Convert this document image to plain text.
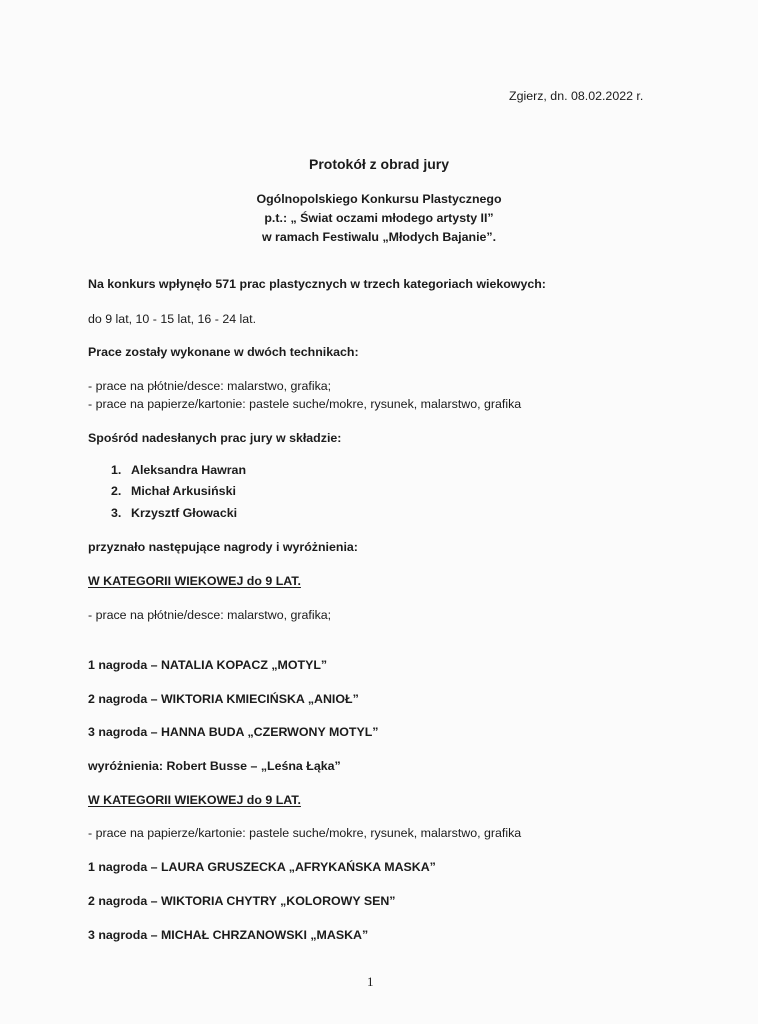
Zgierz, dn. 08.02.2022 r.
Protokół z obrad jury
Ogólnopolskiego Konkursu Plastycznego
p.t.: „ Świat oczami młodego artysty II”
w ramach Festiwalu „Młodych Bajanie”.
Na konkurs wpłynęło 571 prac plastycznych w trzech kategoriach wiekowych:
do 9 lat, 10 - 15 lat, 16 - 24 lat.
Prace zostały wykonane w dwóch technikach:
- prace na płótnie/desce: malarstwo, grafika;
- prace na papierze/kartonie: pastele suche/mokre, rysunek, malarstwo, grafika
Spośród nadesłanych prac jury w składzie:
1. Aleksandra Hawran
2. Michał Arkusiński
3. Krzysztf Głowacki
przyznało następujące nagrody i wyróżnienia:
W KATEGORII WIEKOWEJ do 9 LAT.
- prace na płótnie/desce: malarstwo, grafika;
1 nagroda – NATALIA KOPACZ „MOTYL”
2 nagroda – WIKTORIA KMIECIŃSKA „ANIOŁ”
3 nagroda – HANNA BUDA „CZERWONY MOTYL”
wyróżnienia: Robert Busse – „Leśna Łąka”
W KATEGORII WIEKOWEJ do 9 LAT.
- prace na papierze/kartonie: pastele suche/mokre, rysunek, malarstwo, grafika
1 nagroda – LAURA GRUSZECKA „AFRYKAŃSKA MASKA”
2 nagroda – WIKTORIA CHYTRY „KOLOROWY SEN”
3 nagroda – MICHAŁ CHRZANOWSKI „MASKA”
1
